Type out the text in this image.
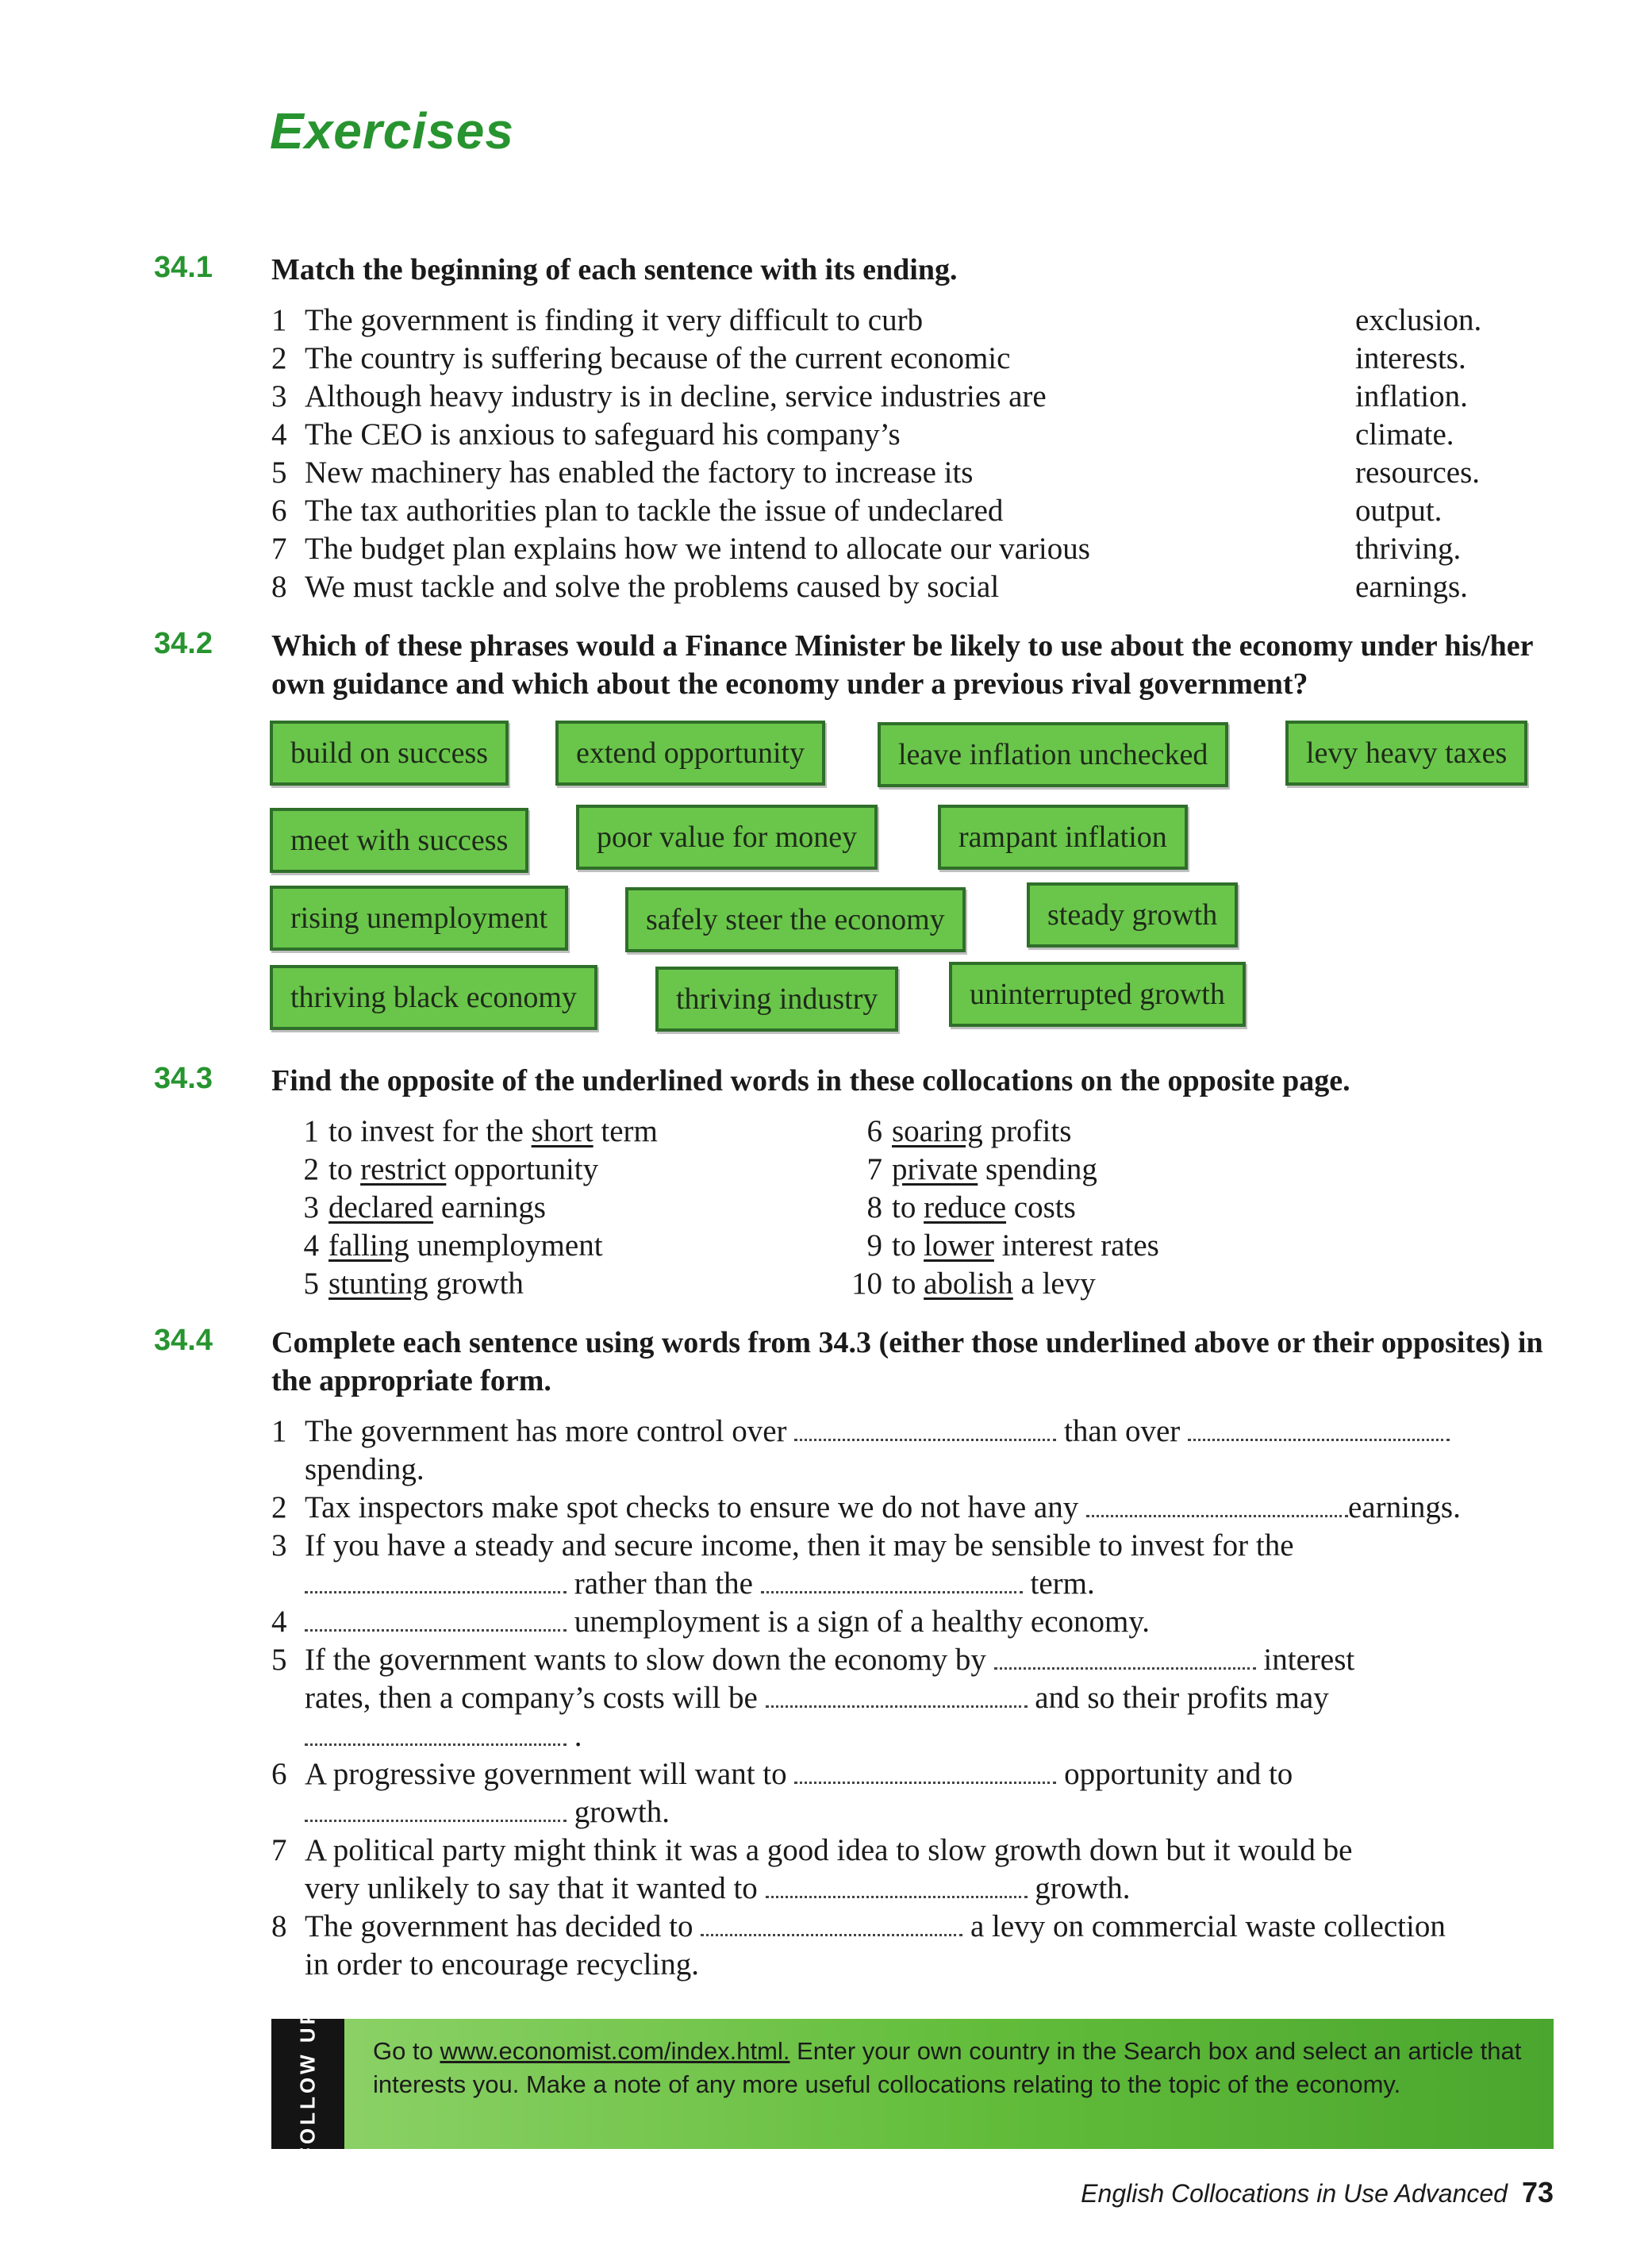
Exercises
34.1 Match the beginning of each sentence with its ending.

1 The government is finding it very difficult to curb	exclusion.
2 The country is suffering because of the current economic	interests.
3 Although heavy industry is in decline, service industries are	inflation.
4 The CEO is anxious to safeguard his company’s	climate.
5 New machinery has enabled the factory to increase its	resources.
6 The tax authorities plan to tackle the issue of undeclared	output.
7 The budget plan explains how we intend to allocate our various	thriving.
8 We must tackle and solve the problems caused by social	earnings.
34.2 Which of these phrases would a Finance Minister be likely to use about the economy under his/her own guidance and which about the economy under a previous rival government?

build on success	extend opportunity	leave inflation unchecked	levy heavy taxes
meet with success	poor value for money	rampant inflation
rising unemployment	safely steer the economy	steady growth
thriving black economy	thriving industry	uninterrupted growth
34.3 Find the opposite of the underlined words in these collocations on the opposite page.

1 to invest for the short term
2 to restrict opportunity
3 declared earnings
4 falling unemployment
5 stunting growth
6 soaring profits
7 private spending
8 to reduce costs
9 to lower interest rates
10 to abolish a levy
34.4 Complete each sentence using words from 34.3 (either those underlined above or their opposites) in the appropriate form.

1 The government has more control over	than over
spending.
2 Tax inspectors make spot checks to ensure we do not have any	earnings.
3 If you have a steady and secure income, then it may be sensible to invest for the
rather than the	term.
4	unemployment is a sign of a healthy economy.
5 If the government wants to slow down the economy by	interest
rates, then a company’s costs will be	and so their profits may
.
6 A progressive government will want to	opportunity and to
growth.
7 A political party might think it was a good idea to slow growth down but it would be
very unlikely to say that it wanted to	growth.
8 The government has decided to	a levy on commercial waste collection
in order to encourage recycling.
FOLLOW UP Go to www.economist.com/index.html. Enter your own country in the Search box and select an article that interests you. Make a note of any more useful collocations relating to the topic of the economy.
English Collocations in Use Advanced 73
